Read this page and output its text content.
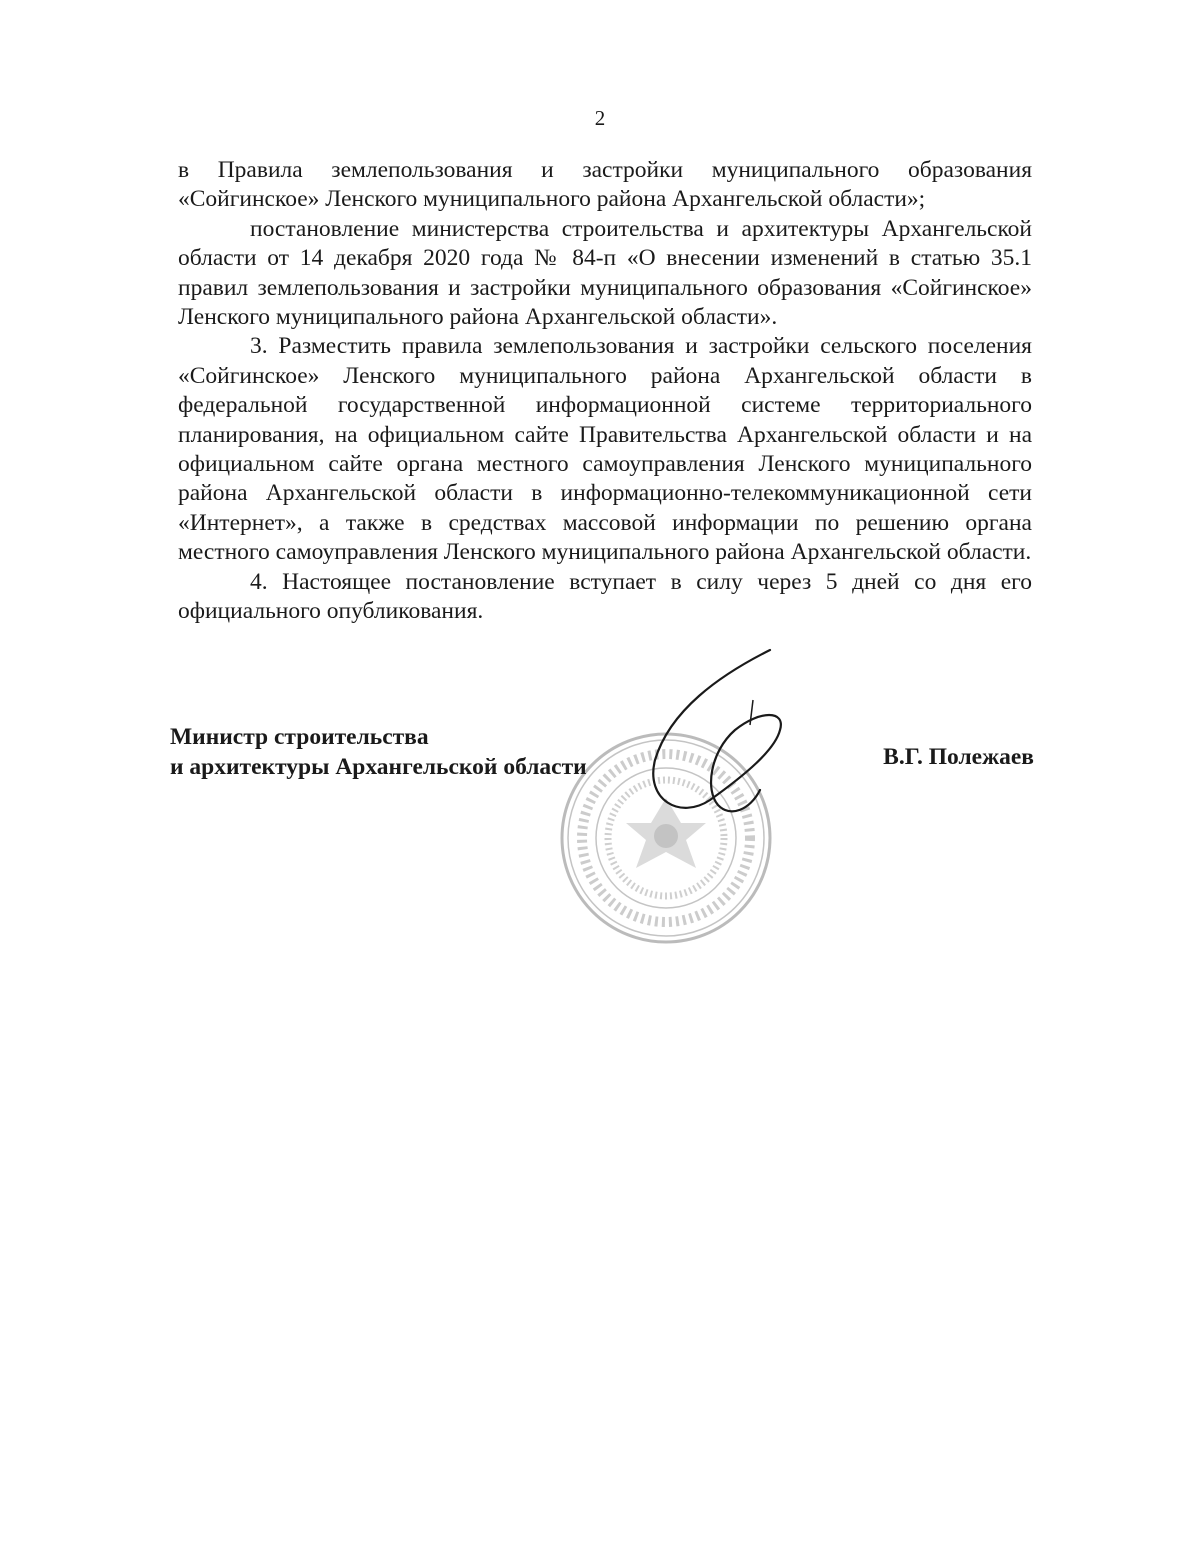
2

в Правила землепользования и застройки муниципального образования «Сойгинское» Ленского муниципального района Архангельской области»;

постановление министерства строительства и архитектуры Архангельской области от 14 декабря 2020 года № 84-п «О внесении изменений в статью 35.1 правил землепользования и застройки муниципального образования «Сойгинское» Ленского муниципального района Архангельской области».

3. Разместить правила землепользования и застройки сельского поселения «Сойгинское» Ленского муниципального района Архангельской области в федеральной государственной информационной системе территориального планирования, на официальном сайте Правительства Архангельской области и на официальном сайте органа местного самоуправления Ленского муниципального района Архангельской области в информационно-телекоммуникационной сети «Интернет», а также в средствах массовой информации по решению органа местного самоуправления Ленского муниципального района Архангельской области.

4. Настоящее постановление вступает в силу через 5 дней со дня его официального опубликования.

Министр строительства
и архитектуры Архангельской области	В.Г. Полежаев
